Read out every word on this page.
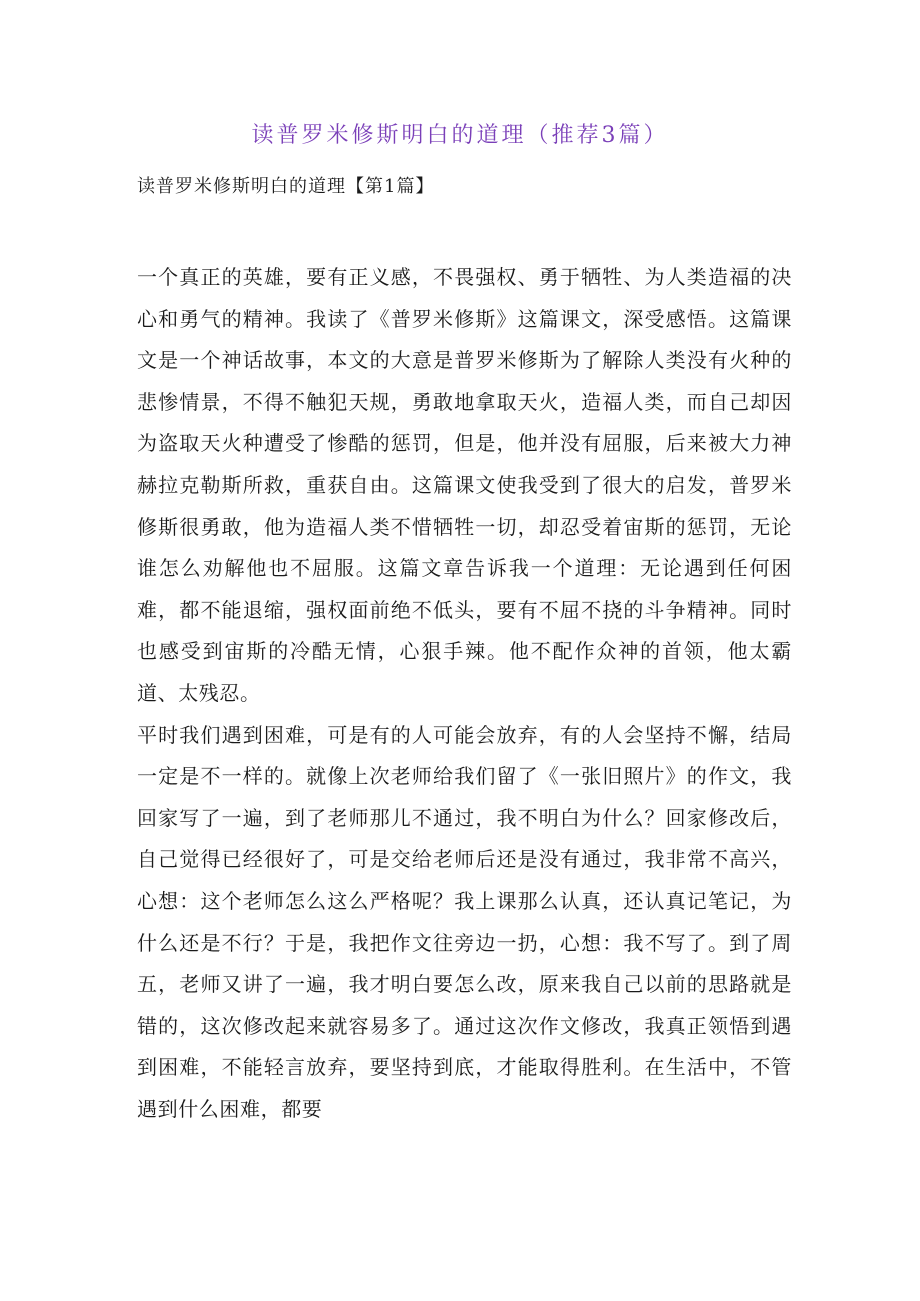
读普罗米修斯明白的道理（推荐3篇）
读普罗米修斯明白的道理【第1篇】

一个真正的英雄，要有正义感，不畏强权、勇于牺牲、为人类造福的决心和勇气的精神。我读了《普罗米修斯》这篇课文，深受感悟。这篇课文是一个神话故事，本文的大意是普罗米修斯为了解除人类没有火种的悲惨情景，不得不触犯天规，勇敢地拿取天火，造福人类，而自己却因为盗取天火种遭受了惨酷的惩罚，但是，他并没有屈服，后来被大力神赫拉克勒斯所救，重获自由。这篇课文使我受到了很大的启发，普罗米修斯很勇敢，他为造福人类不惜牺牲一切，却忍受着宙斯的惩罚，无论谁怎么劝解他也不屈服。这篇文章告诉我一个道理：无论遇到任何困难，都不能退缩，强权面前绝不低头，要有不屈不挠的斗争精神。同时也感受到宙斯的冷酷无情，心狠手辣。他不配作众神的首领，他太霸道、太残忍。

平时我们遇到困难，可是有的人可能会放弃，有的人会坚持不懈，结局一定是不一样的。就像上次老师给我们留了《一张旧照片》的作文，我回家写了一遍，到了老师那儿不通过，我不明白为什么？回家修改后，自己觉得已经很好了，可是交给老师后还是没有通过，我非常不高兴，心想：这个老师怎么这么严格呢？我上课那么认真，还认真记笔记，为什么还是不行？于是，我把作文往旁边一扔，心想：我不写了。到了周五，老师又讲了一遍，我才明白要怎么改，原来我自己以前的思路就是错的，这次修改起来就容易多了。通过这次作文修改，我真正领悟到遇到困难，不能轻言放弃，要坚持到底，才能取得胜利。在生活中，不管遇到什么困难，都要
